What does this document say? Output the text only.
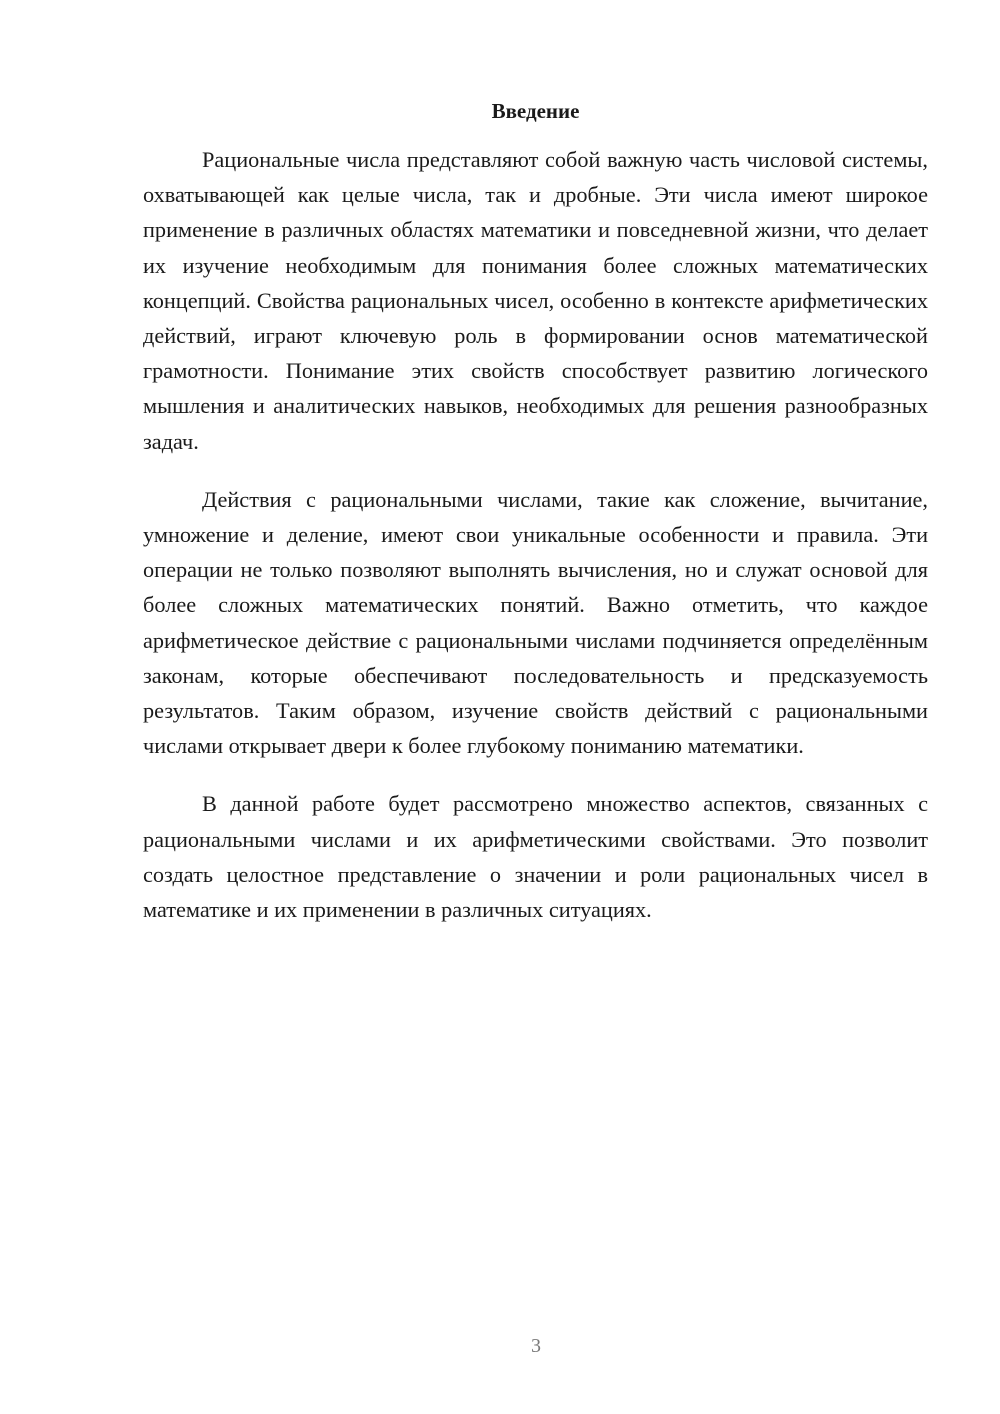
Введение

Рациональные числа представляют собой важную часть числовой системы, охватывающей как целые числа, так и дробные. Эти числа имеют широкое применение в различных областях математики и повседневной жизни, что делает их изучение необходимым для понимания более сложных математических концепций. Свойства рациональных чисел, особенно в контексте арифметических действий, играют ключевую роль в формировании основ математической грамотности. Понимание этих свойств способствует развитию логического мышления и аналитических навыков, необходимых для решения разнообразных задач.

Действия с рациональными числами, такие как сложение, вычитание, умножение и деление, имеют свои уникальные особенности и правила. Эти операции не только позволяют выполнять вычисления, но и служат основой для более сложных математических понятий. Важно отметить, что каждое арифметическое действие с рациональными числами подчиняется определённым законам, которые обеспечивают последовательность и предсказуемость результатов. Таким образом, изучение свойств действий с рациональными числами открывает двери к более глубокому пониманию математики.

В данной работе будет рассмотрено множество аспектов, связанных с рациональными числами и их арифметическими свойствами. Это позволит создать целостное представление о значении и роли рациональных чисел в математике и их применении в различных ситуациях.

3
